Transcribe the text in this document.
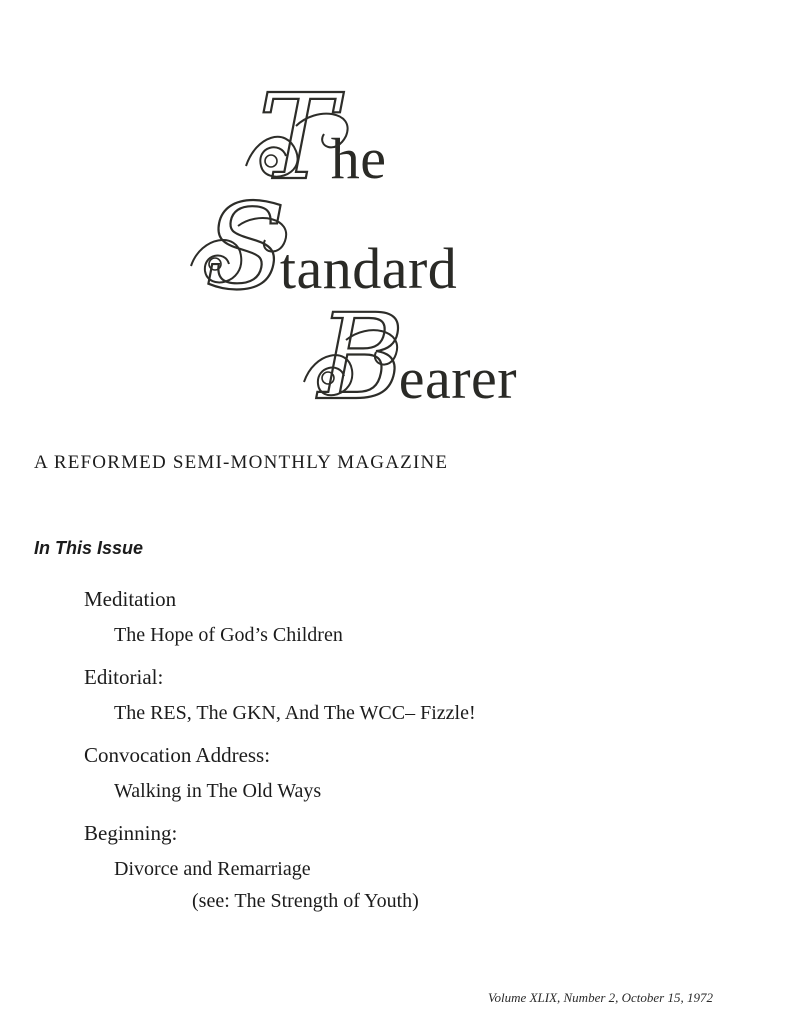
T
he
S
tandard
B
earer
A REFORMED SEMI-MONTHLY MAGAZINE
In This Issue
Meditation
The Hope of God’s Children
Editorial:
The RES, The GKN, And The WCC– Fizzle!
Convocation Address:
Walking in The Old Ways
Beginning:
Divorce and Remarriage
(see: The Strength of Youth)
Volume XLIX, Number 2, October 15, 1972
